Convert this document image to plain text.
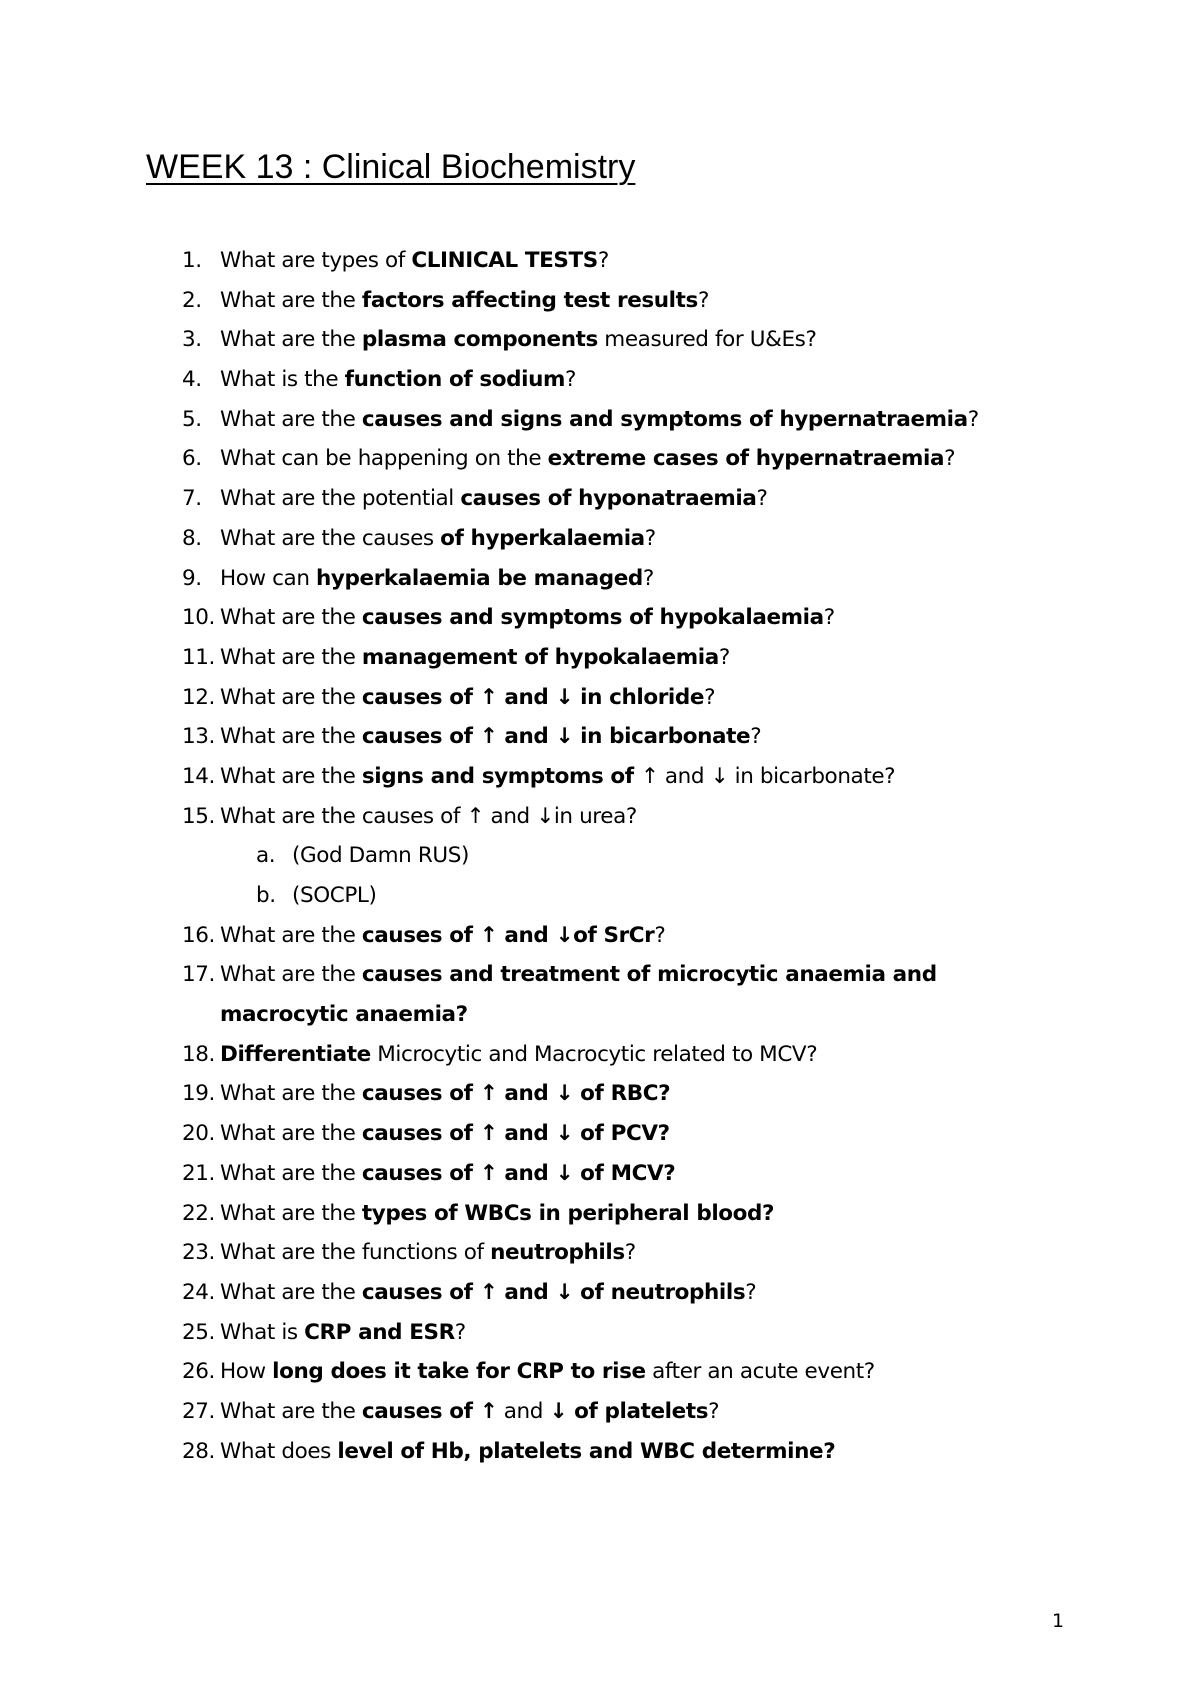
WEEK 13 : Clinical Biochemistry
1. What are types of CLINICAL TESTS?
2. What are the factors affecting test results?
3. What are the plasma components measured for U&Es?
4. What is the function of sodium?
5. What are the causes and signs and symptoms of hypernatraemia?
6. What can be happening on the extreme cases of hypernatraemia?
7. What are the potential causes of hyponatraemia?
8. What are the causes of hyperkalaemia?
9. How can hyperkalaemia be managed?
10. What are the causes and symptoms of hypokalaemia?
11. What are the management of hypokalaemia?
12. What are the causes of ↑ and ↓ in chloride?
13. What are the causes of ↑ and ↓ in bicarbonate?
14. What are the signs and symptoms of ↑ and ↓ in bicarbonate?
15. What are the causes of ↑ and ↓in urea?
a. (God Damn RUS)
b. (SOCPL)
16. What are the causes of ↑ and ↓of SrCr?
17. What are the causes and treatment of microcytic anaemia and
macrocytic anaemia?
18. Differentiate Microcytic and Macrocytic related to MCV?
19. What are the causes of ↑ and ↓ of RBC?
20. What are the causes of ↑ and ↓ of PCV?
21. What are the causes of ↑ and ↓ of MCV?
22. What are the types of WBCs in peripheral blood?
23. What are the functions of neutrophils?
24. What are the causes of ↑ and ↓ of neutrophils?
25. What is CRP and ESR?
26. How long does it take for CRP to rise after an acute event?
27. What are the causes of ↑ and ↓ of platelets?
28. What does level of Hb, platelets and WBC determine?
1
